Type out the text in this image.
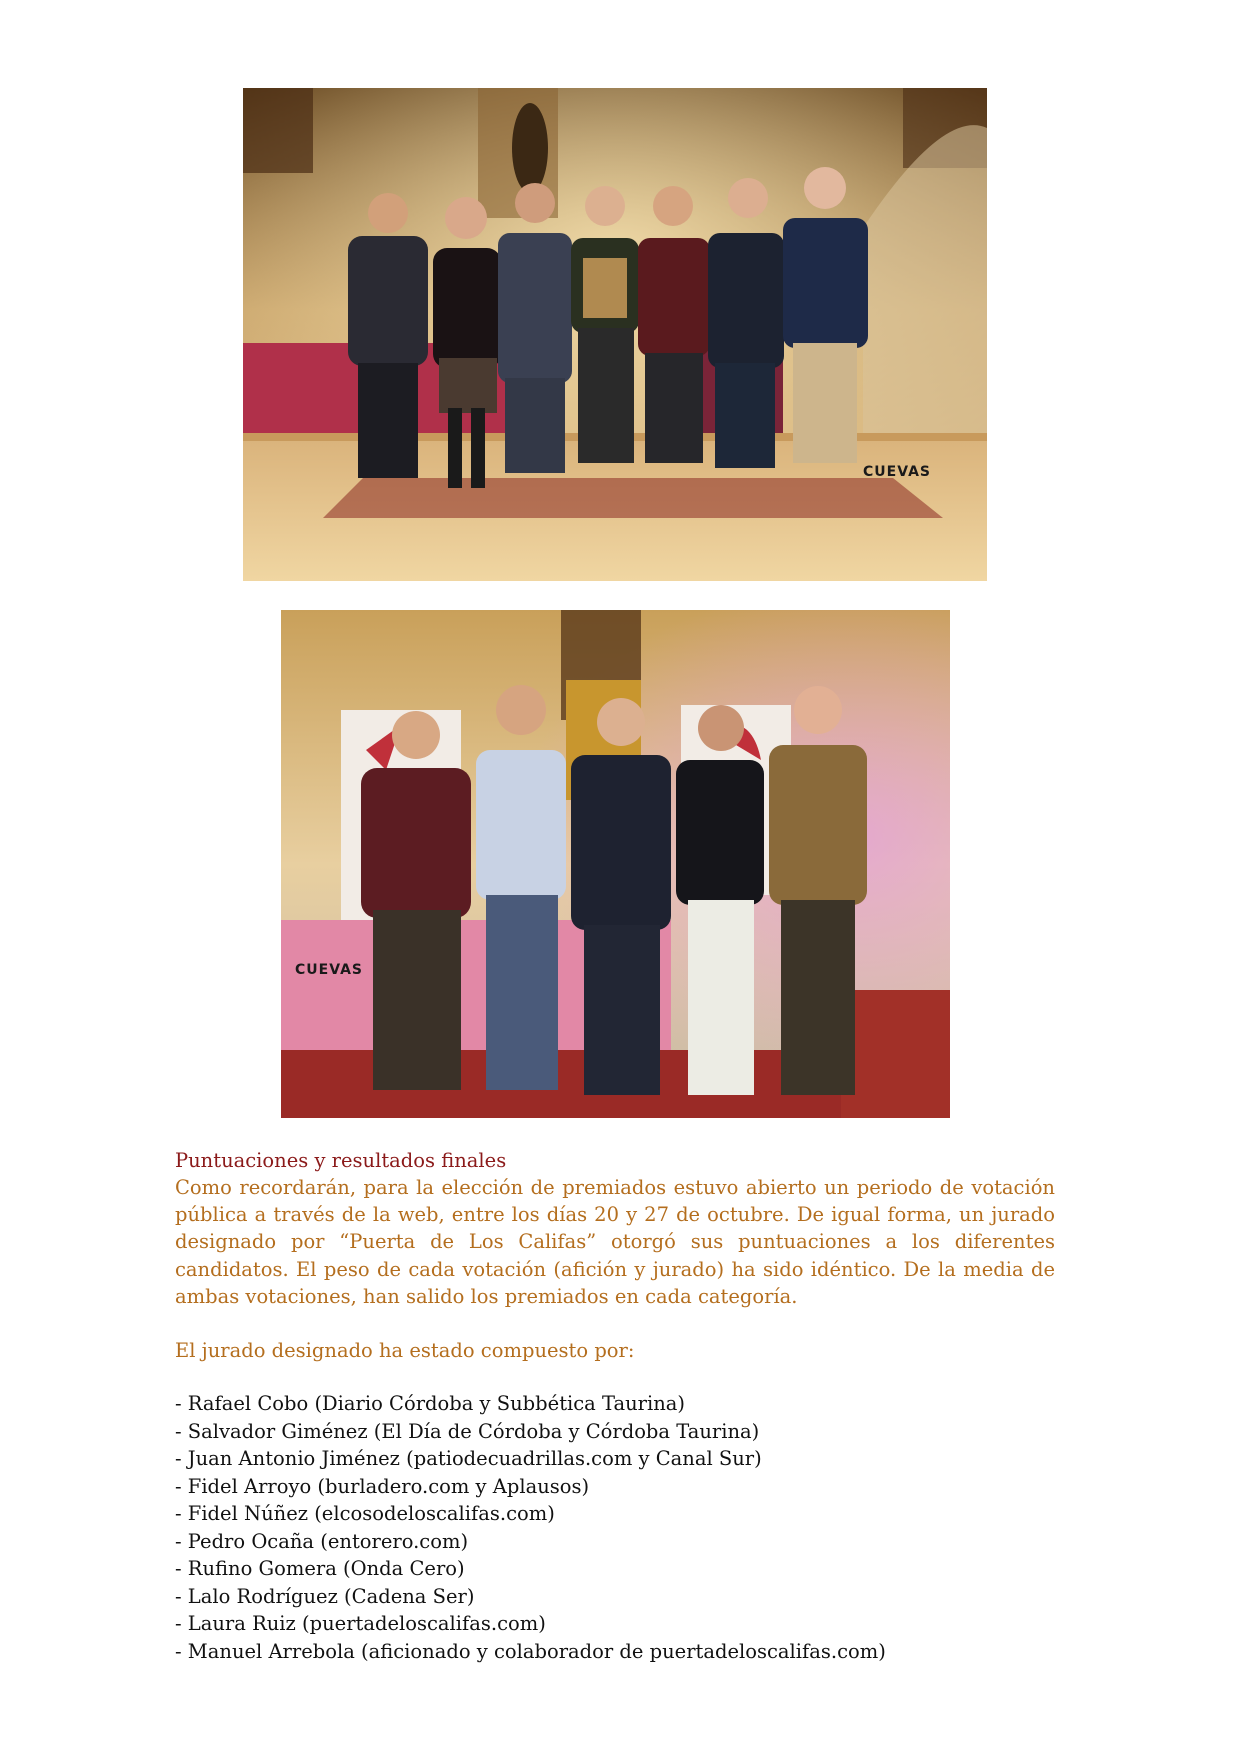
CUEVAS
CUEVAS
Puntuaciones y resultados finales
Como recordarán, para la elección de premiados estuvo abierto un periodo de votación pública a través de la web, entre los días 20 y 27 de octubre. De igual forma, un jurado designado por “Puerta de Los Califas” otorgó sus puntuaciones a los diferentes candidatos. El peso de cada votación (afición y jurado) ha sido idéntico. De la media de ambas votaciones, han salido los premiados en cada categoría.
El jurado designado ha estado compuesto por:
- Rafael Cobo (Diario Córdoba y Subbética Taurina)
- Salvador Giménez (El Día de Córdoba y Córdoba Taurina)
- Juan Antonio Jiménez (patiodecuadrillas.com y Canal Sur)
- Fidel Arroyo (burladero.com y Aplausos)
- Fidel Núñez (elcosodeloscalifas.com)
- Pedro Ocaña (entorero.com)
- Rufino Gomera (Onda Cero)
- Lalo Rodríguez (Cadena Ser)
- Laura Ruiz (puertadeloscalifas.com)
- Manuel Arrebola (aficionado y colaborador de puertadeloscalifas.com)
